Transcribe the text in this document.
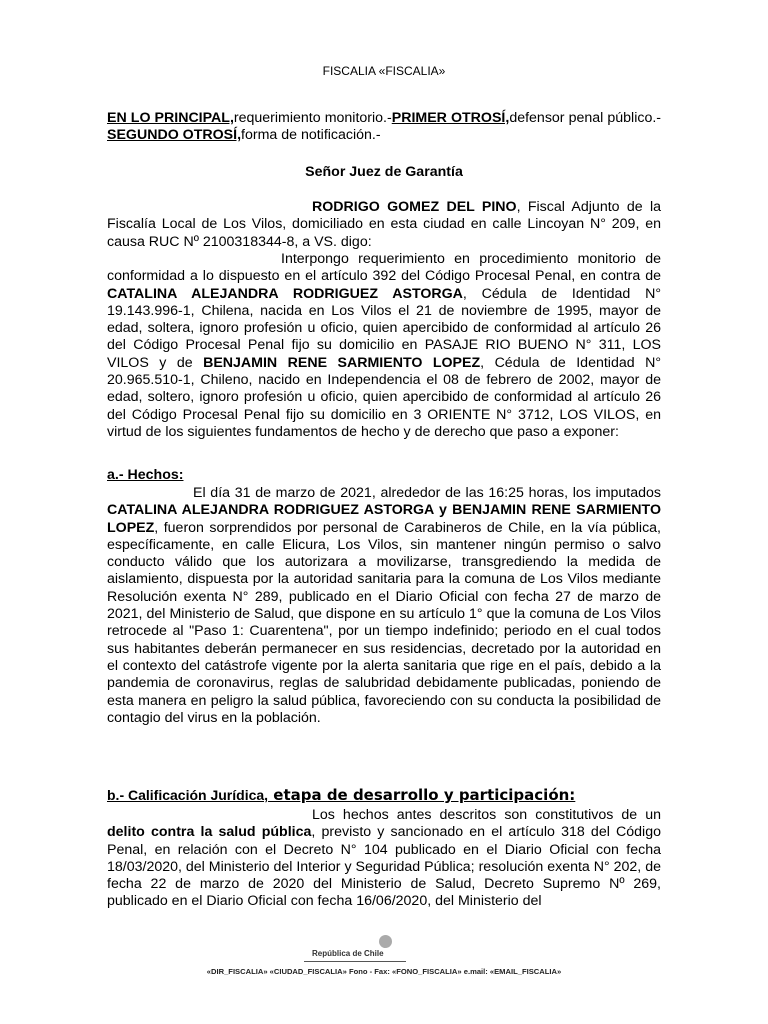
FISCALIA «FISCALIA»
EN LO PRINCIPAL,requerimiento monitorio.-PRIMER OTROSÍ,defensor penal público.-SEGUNDO OTROSÍ,forma de notificación.-
Señor Juez de Garantía
RODRIGO GOMEZ DEL PINO, Fiscal Adjunto de la Fiscalía Local de Los Vilos, domiciliado en esta ciudad en calle Lincoyan N° 209, en causa RUC Nº 2100318344-8, a VS. digo:
Interpongo requerimiento en procedimiento monitorio de conformidad a lo dispuesto en el artículo 392 del Código Procesal Penal, en contra de CATALINA ALEJANDRA RODRIGUEZ ASTORGA, Cédula de Identidad N° 19.143.996-1, Chilena, nacida en Los Vilos el 21 de noviembre de 1995, mayor de edad, soltera, ignoro profesión u oficio, quien apercibido de conformidad al artículo 26 del Código Procesal Penal fijo su domicilio en PASAJE RIO BUENO N° 311, LOS VILOS y de BENJAMIN RENE SARMIENTO LOPEZ, Cédula de Identidad N° 20.965.510-1, Chileno, nacido en Independencia el 08 de febrero de 2002, mayor de edad, soltero, ignoro profesión u oficio, quien apercibido de conformidad al artículo 26 del Código Procesal Penal fijo su domicilio en 3 ORIENTE N° 3712, LOS VILOS, en virtud de los siguientes fundamentos de hecho y de derecho que paso a exponer:
a.- Hechos:
El día 31 de marzo de 2021, alrededor de las 16:25 horas, los imputados CATALINA ALEJANDRA RODRIGUEZ ASTORGA y BENJAMIN RENE SARMIENTO LOPEZ, fueron sorprendidos por personal de Carabineros de Chile, en la vía pública, específicamente, en calle Elicura, Los Vilos, sin mantener ningún permiso o salvo conducto válido que los autorizara a movilizarse, transgrediendo la medida de aislamiento, dispuesta por la autoridad sanitaria para la comuna de Los Vilos mediante Resolución exenta N° 289, publicado en el Diario Oficial con fecha 27 de marzo de 2021, del Ministerio de Salud, que dispone en su artículo 1° que la comuna de Los Vilos retrocede al "Paso 1: Cuarentena", por un tiempo indefinido; periodo en el cual todos sus habitantes deberán permanecer en sus residencias, decretado por la autoridad en el contexto del catástrofe vigente por la alerta sanitaria que rige en el país, debido a la pandemia de coronavirus, reglas de salubridad debidamente publicadas, poniendo de esta manera en peligro la salud pública, favoreciendo con su conducta la posibilidad de contagio del virus en la población.
b.- Calificación Jurídica, etapa de desarrollo y participación:
Los hechos antes descritos son constitutivos de un delito contra la salud pública, previsto y sancionado en el artículo 318 del Código Penal, en relación con el Decreto N° 104 publicado en el Diario Oficial con fecha 18/03/2020, del Ministerio del Interior y Seguridad Pública; resolución exenta N° 202, de fecha 22 de marzo de 2020 del Ministerio de Salud, Decreto Supremo Nº 269, publicado en el Diario Oficial con fecha 16/06/2020, del Ministerio del
República de Chile
«DIR_FISCALIA» «CIUDAD_FISCALIA» Fono - Fax: «FONO_FISCALIA» e.mail: «EMAIL_FISCALIA»
